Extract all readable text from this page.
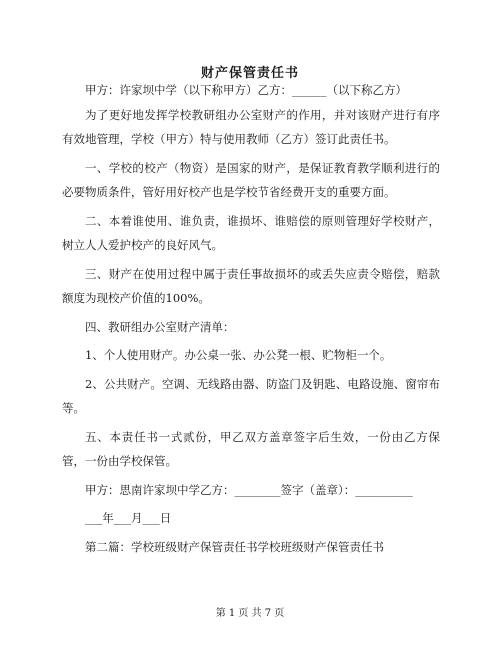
财产保管责任书

甲方：许家坝中学（以下称甲方）乙方：______（以下称乙方）

为了更好地发挥学校教研组办公室财产的作用，并对该财产进行有序有效地管理，学校（甲方）特与使用教师（乙方）签订此责任书。

一、学校的校产（物资）是国家的财产，是保证教育教学顺利进行的必要物质条件，管好用好校产也是学校节省经费开支的重要方面。

二、本着谁使用、谁负责，谁损坏、谁赔偿的原则管理好学校财产，树立人人爱护校产的良好风气。

三、财产在使用过程中属于责任事故损坏的或丢失应责令赔偿，赔款额度为现校产价值的100%。

四、教研组办公室财产清单：

1、个人使用财产。办公桌一张、办公凳一根、贮物柜一个。

2、公共财产。空调、无线路由器、防盗门及钥匙、电路设施、窗帘布等。

五、本责任书一式贰份，甲乙双方盖章签字后生效，一份由乙方保管，一份由学校保管。

甲方：思南许家坝中学乙方：________签字（盖章）：__________

___年___月___日

第二篇：学校班级财产保管责任书学校班级财产保管责任书

第 1 页 共 7 页
